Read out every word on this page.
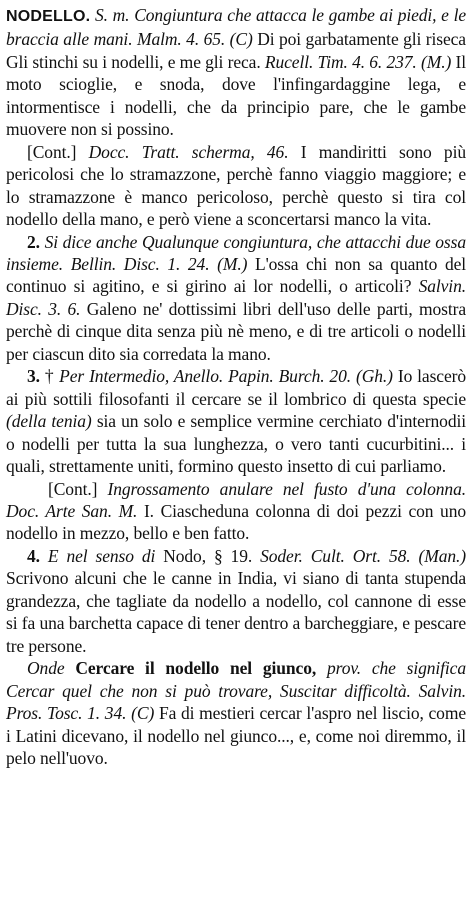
NODELLO. S. m. Congiuntura che attacca le gambe ai piedi, e le braccia alle mani. Malm. 4. 65. (C) Di poi garbatamente gli riseca Gli stinchi su i nodelli, e me gli reca. Rucell. Tim. 4. 6. 237. (M.) Il moto scioglie, e snoda, dove l'infingardaggine lega, e intormentisce i nodelli, che da principio pare, che le gambe muovere non si possino.

[Cont.] Docc. Tratt. scherma, 46. I mandiritti sono più pericolosi che lo stramazzone, perchè fanno viaggio maggiore; e lo stramazzone è manco pericoloso, perchè questo si tira col nodello della mano, e però viene a sconcertarsi manco la vita.

2. Si dice anche Qualunque congiuntura, che attacchi due ossa insieme. Bellin. Disc. 1. 24. (M.) L'ossa chi non sa quanto del continuo si agitino, e si girino ai lor nodelli, o articoli? Salvin. Disc. 3. 6. Galeno ne' dottissimi libri dell'uso delle parti, mostra perchè di cinque dita senza più nè meno, e di tre articoli o nodelli per ciascun dito sia corredata la mano.

3. † Per Intermedio, Anello. Papin. Burch. 20. (Gh.) Io lascerò ai più sottili filosofanti il cercare se il lombrico di questa specie (della tenia) sia un solo e semplice vermine cerchiato d'internodii o nodelli per tutta la sua lunghezza, o vero tanti cucurbitini... i quali, strettamente uniti, formino questo insetto di cui parliamo.

[Cont.] Ingrossamento anulare nel fusto d'una colonna. Doc. Arte San. M. I. Ciascheduna colonna di doi pezzi con uno nodello in mezzo, bello e ben fatto.

4. E nel senso di Nodo, § 19. Soder. Cult. Ort. 58. (Man.) Scrivono alcuni che le canne in India, vi siano di tanta stupenda grandezza, che tagliate da nodello a nodello, col cannone di esse si fa una barchetta capace di tener dentro a barcheggiare, e pescare tre persone.

Onde Cercare il nodello nel giunco, prov. che significa Cercar quel che non si può trovare, Suscitar difficoltà. Salvin. Pros. Tosc. 1. 34. (C) Fa di mestieri cercar l'aspro nel liscio, come i Latini dicevano, il nodello nel giunco..., e, come noi diremmo, il pelo nell'uovo.
